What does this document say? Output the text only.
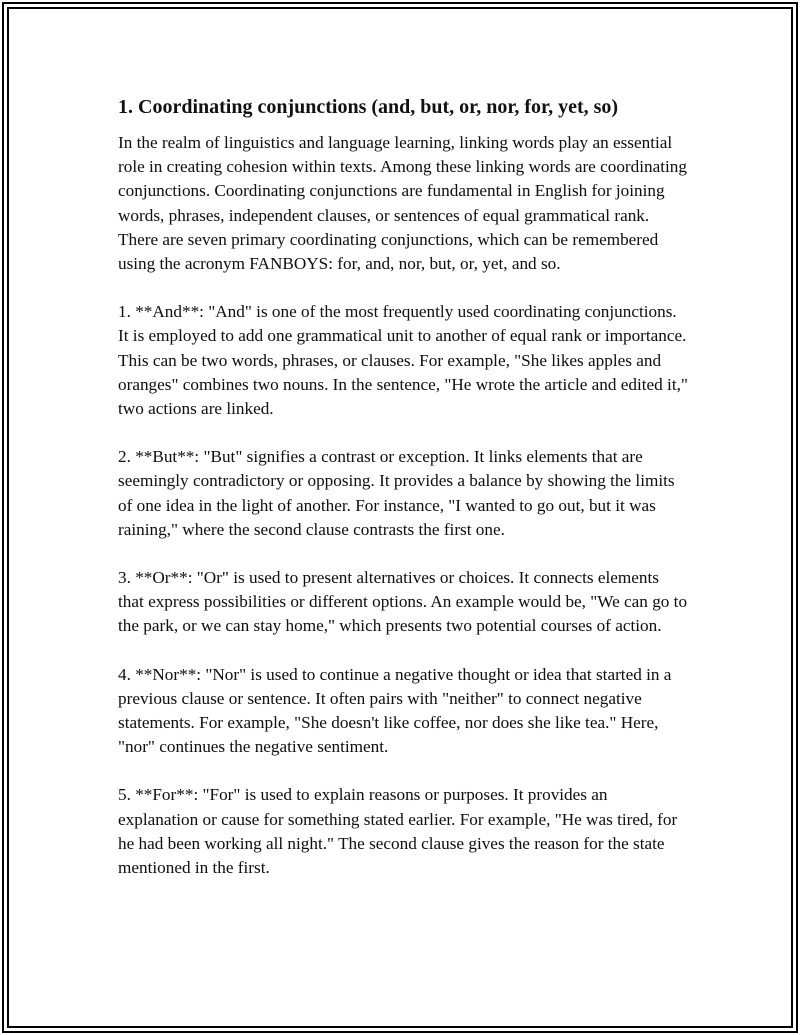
1. Coordinating conjunctions (and, but, or, nor, for, yet, so)

In the realm of linguistics and language learning, linking words play an essential role in creating cohesion within texts. Among these linking words are coordinating conjunctions. Coordinating conjunctions are fundamental in English for joining words, phrases, independent clauses, or sentences of equal grammatical rank. There are seven primary coordinating conjunctions, which can be remembered using the acronym FANBOYS: for, and, nor, but, or, yet, and so.

1. **And**: "And" is one of the most frequently used coordinating conjunctions. It is employed to add one grammatical unit to another of equal rank or importance. This can be two words, phrases, or clauses. For example, "She likes apples and oranges" combines two nouns. In the sentence, "He wrote the article and edited it," two actions are linked.

2. **But**: "But" signifies a contrast or exception. It links elements that are seemingly contradictory or opposing. It provides a balance by showing the limits of one idea in the light of another. For instance, "I wanted to go out, but it was raining," where the second clause contrasts the first one.

3. **Or**: "Or" is used to present alternatives or choices. It connects elements that express possibilities or different options. An example would be, "We can go to the park, or we can stay home," which presents two potential courses of action.

4. **Nor**: "Nor" is used to continue a negative thought or idea that started in a previous clause or sentence. It often pairs with "neither" to connect negative statements. For example, "She doesn't like coffee, nor does she like tea." Here, "nor" continues the negative sentiment.

5. **For**: "For" is used to explain reasons or purposes. It provides an explanation or cause for something stated earlier. For example, "He was tired, for he had been working all night." The second clause gives the reason for the state mentioned in the first.
